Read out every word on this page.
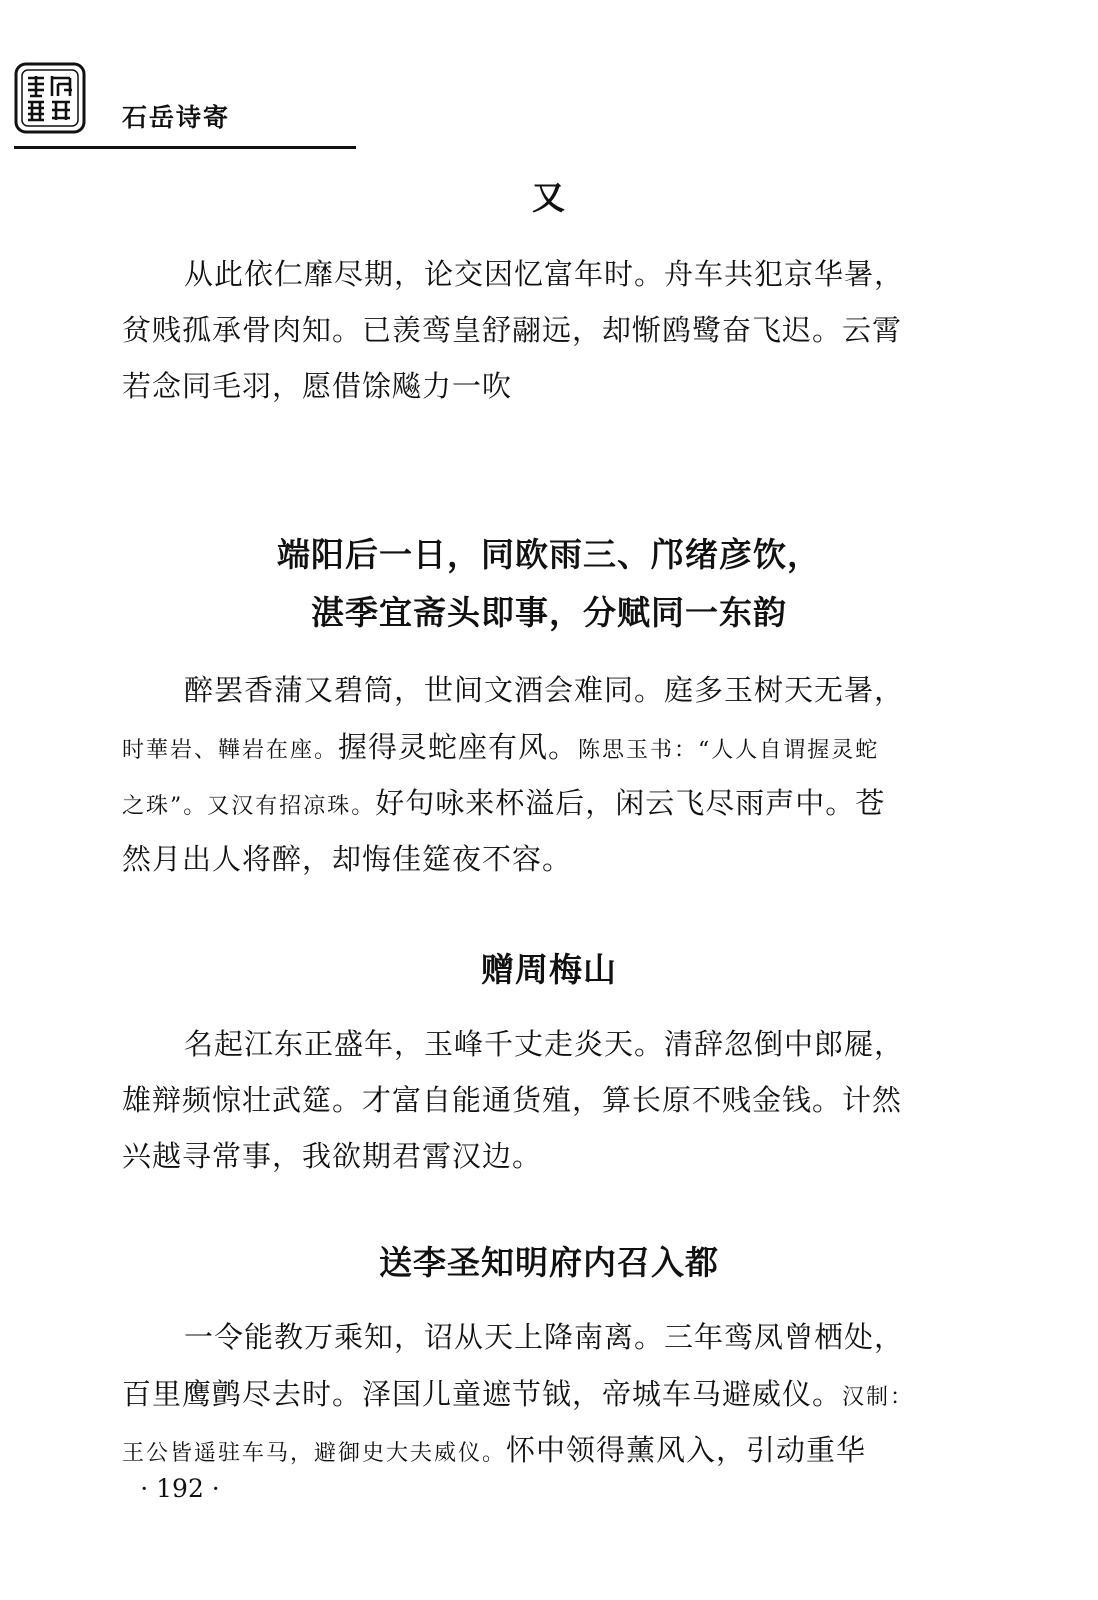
石岳诗寄
又
从此依仁靡尽期，论交因忆富年时。舟车共犯京华暑，
贫贱孤承骨肉知。已羡鸾皇舒翮远，却惭鸥鹭奋飞迟。云霄
若念同毛羽，愿借馀飚力一吹
端阳后一日，同欧雨三、邝绪彦饮，
湛季宜斋头即事，分赋同一东韵
醉罢香蒲又碧筒，世间文酒会难同。庭多玉树天无暑，
时華岩、鞾岩在座。握得灵蛇座有风。陈思玉书：“人人自谓握灵蛇
之珠”。又汉有招凉珠。好句咏来杯溢后，闲云飞尽雨声中。苍
然月出人将醉，却悔佳筵夜不容。
赠周梅山
名起江东正盛年，玉峰千丈走炎天。清辞忽倒中郎屣，
雄辩频惊壮武筵。才富自能通货殖，算长原不贱金钱。计然
兴越寻常事，我欲期君霄汉边。
送李圣知明府内召入都
一令能教万乘知，诏从天上降南离。三年鸾凤曾栖处，
百里鹰鹯尽去时。泽国儿童遮节钺，帝城车马避威仪。汉制：
王公皆遥驻车马，避御史大夫威仪。怀中领得薰风入，引动重华
· 192 ·
